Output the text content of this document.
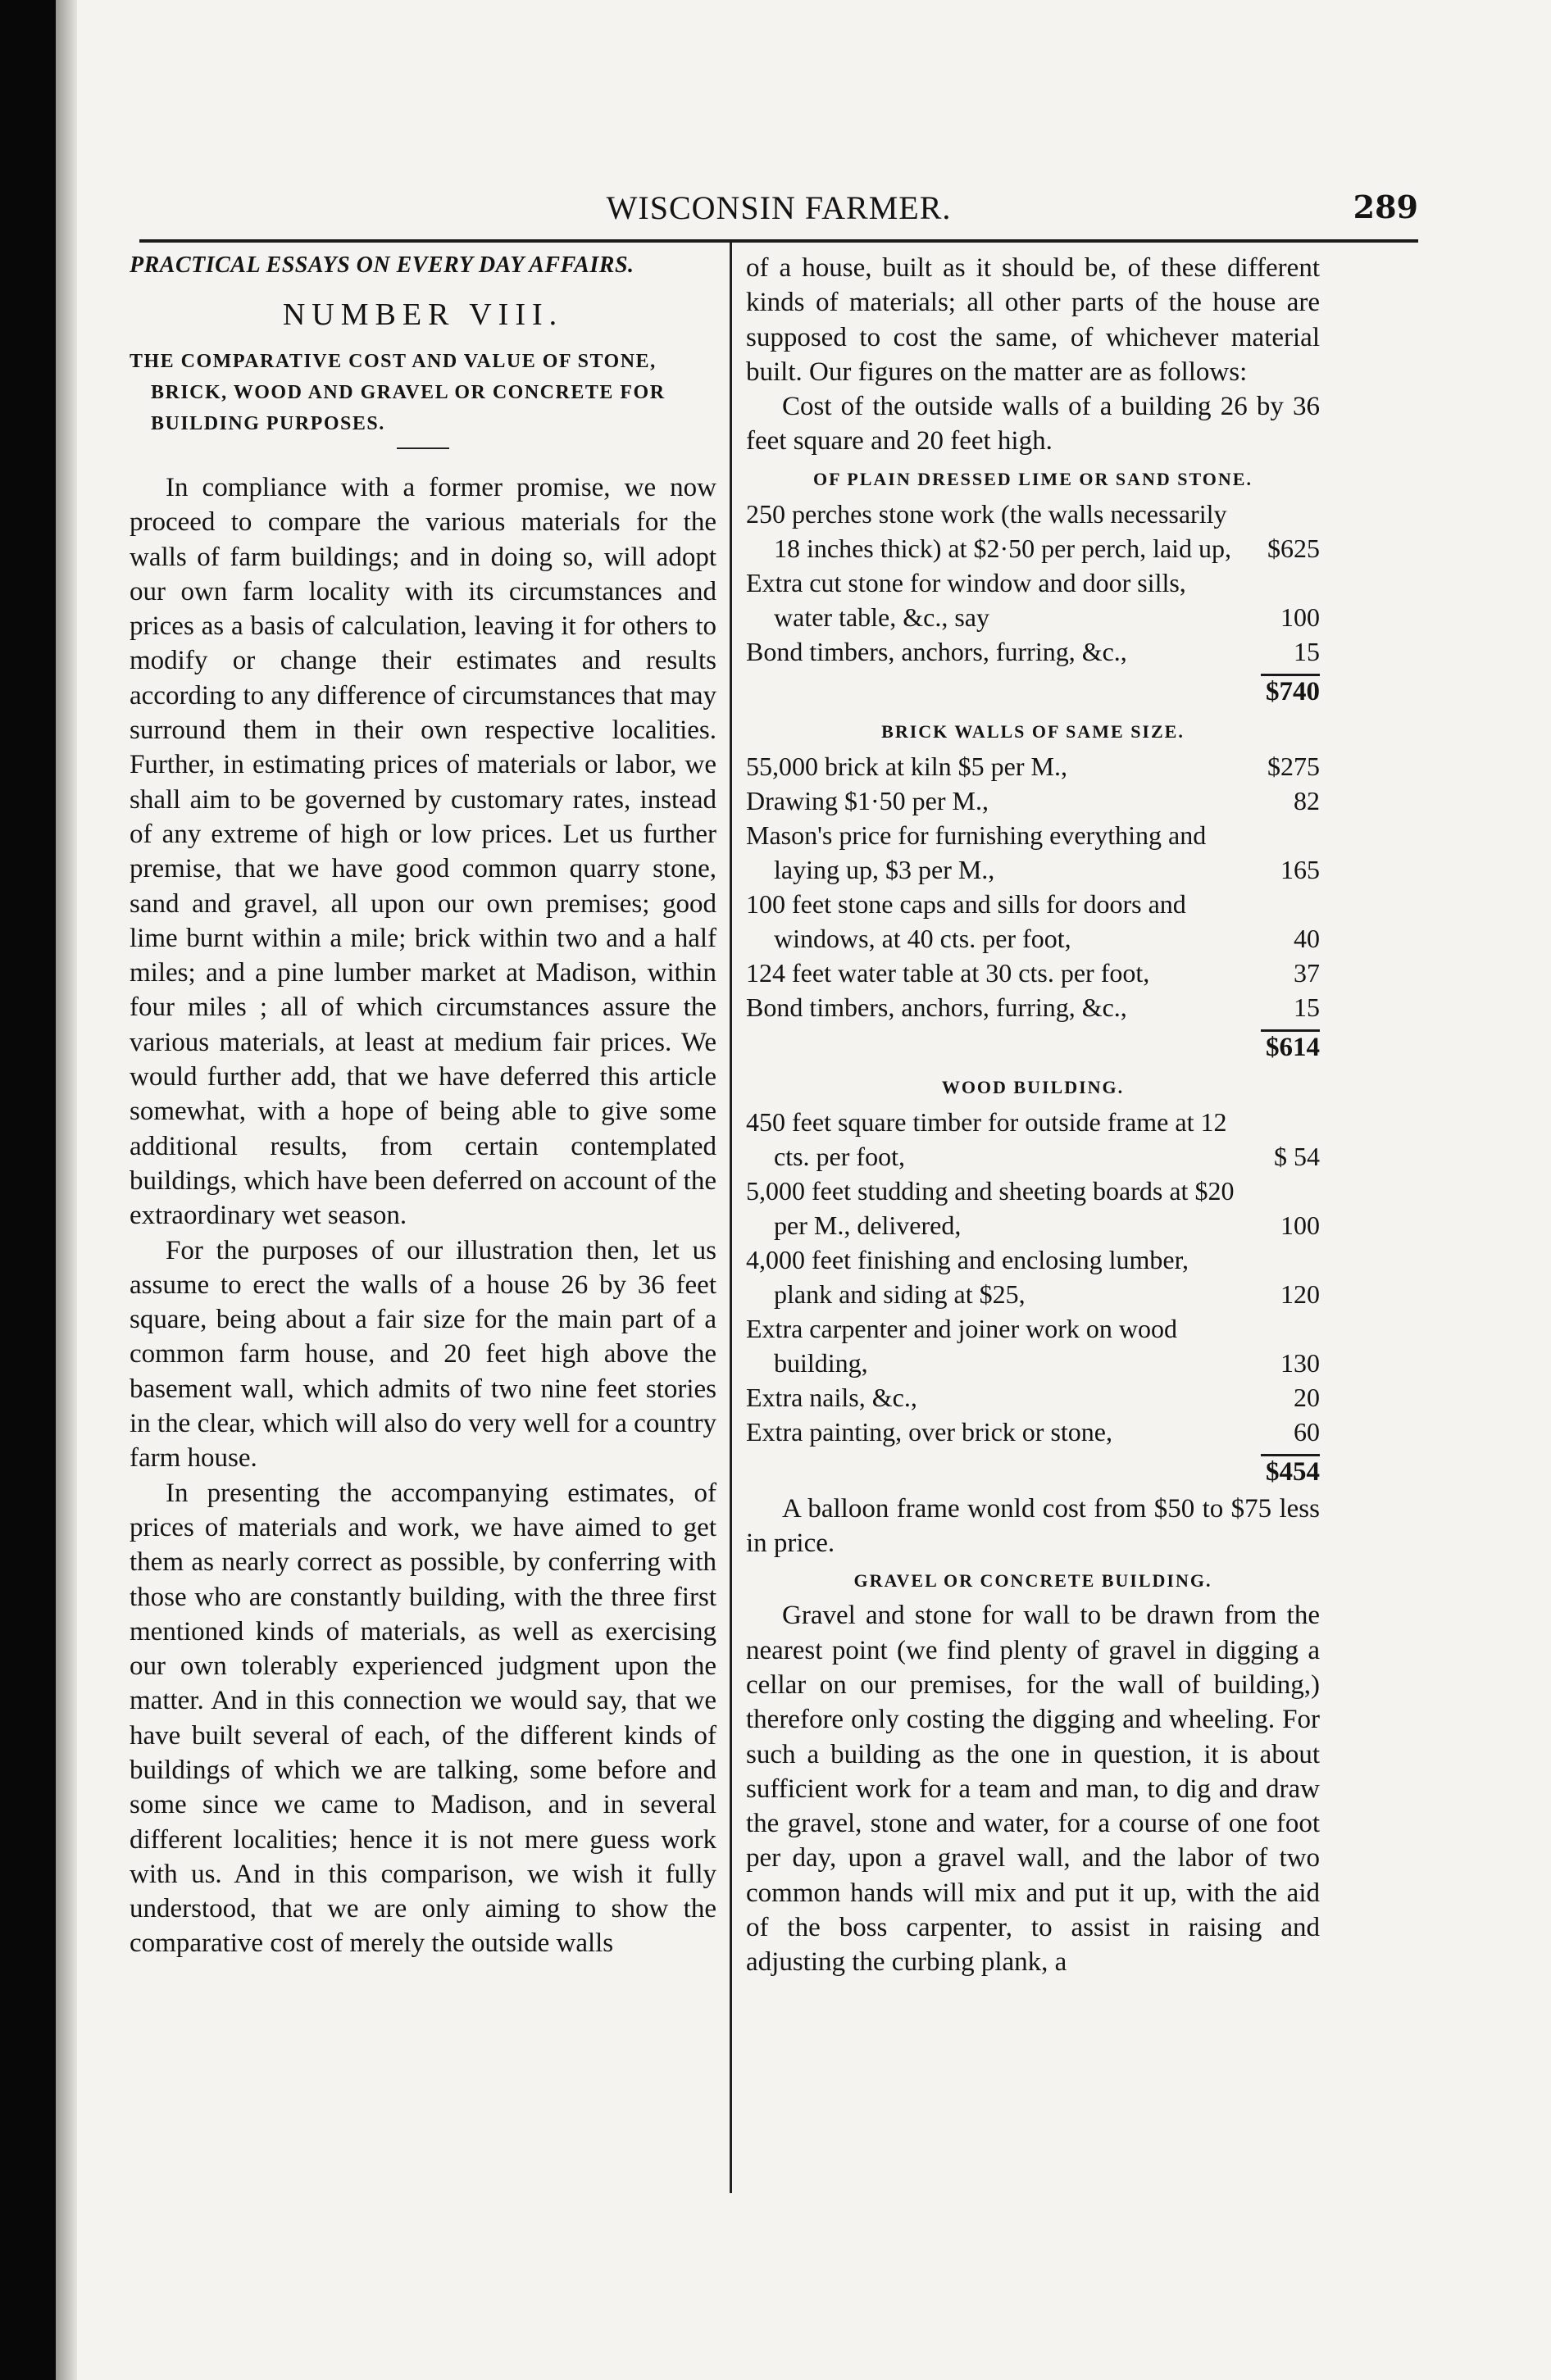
WISCONSIN FARMER.	289

PRACTICAL ESSAYS ON EVERY DAY AFFAIRS.

NUMBER VIII.

THE COMPARATIVE COST AND VALUE OF STONE, BRICK, WOOD AND GRAVEL OR CONCRETE FOR BUILDING PURPOSES.

In compliance with a former promise, we now proceed to compare the various materials for the walls of farm buildings; and in doing so, will adopt our own farm locality with its circumstances and prices as a basis of calculation, leaving it for others to modify or change their estimates and results according to any difference of circumstances that may surround them in their own respective localities. Further, in estimating prices of materials or labor, we shall aim to be governed by customary rates, instead of any extreme of high or low prices. Let us further premise, that we have good common quarry stone, sand and gravel, all upon our own premises; good lime burnt within a mile; brick within two and a half miles; and a pine lumber market at Madison, within four miles ; all of which circumstances assure the various materials, at least at medium fair prices. We would further add, that we have deferred this article somewhat, with a hope of being able to give some additional results, from certain contemplated buildings, which have been deferred on account of the extraordinary wet season.

For the purposes of our illustration then, let us assume to erect the walls of a house 26 by 36 feet square, being about a fair size for the main part of a common farm house, and 20 feet high above the basement wall, which admits of two nine feet stories in the clear, which will also do very well for a country farm house.

In presenting the accompanying estimates, of prices of materials and work, we have aimed to get them as nearly correct as possible, by conferring with those who are constantly building, with the three first mentioned kinds of materials, as well as exercising our own tolerably experienced judgment upon the matter. And in this connection we would say, that we have built several of each, of the different kinds of buildings of which we are talking, some before and some since we came to Madison, and in several different localities; hence it is not mere guess work with us. And in this comparison, we wish it fully understood, that we are only aiming to show the comparative cost of merely the outside walls

of a house, built as it should be, of these different kinds of materials; all other parts of the house are supposed to cost the same, of whichever material built. Our figures on the matter are as follows:

Cost of the outside walls of a building 26 by 36 feet square and 20 feet high.

OF PLAIN DRESSED LIME OR SAND STONE.
250 perches stone work (the walls necessarily 18 inches thick) at $2·50 per perch, laid up,	$625
Extra cut stone for window and door sills, water table, &c., say	100
Bond timbers, anchors, furring, &c.,	15
$740
BRICK WALLS OF SAME SIZE.
55,000 brick at kiln $5 per M.,	$275
Drawing $1·50 per M.,	82
Mason's price for furnishing everything and laying up, $3 per M.,	165
100 feet stone caps and sills for doors and windows, at 40 cts. per foot,	40
124 feet water table at 30 cts. per foot,	37
Bond timbers, anchors, furring, &c.,	15
$614
WOOD BUILDING.
450 feet square timber for outside frame at 12 cts. per foot,	$ 54
5,000 feet studding and sheeting boards at $20 per M., delivered,	100
4,000 feet finishing and enclosing lumber, plank and siding at $25,	120
Extra carpenter and joiner work on wood building,	130
Extra nails, &c.,	20
Extra painting, over brick or stone,	60
$454

A balloon frame wonld cost from $50 to $75 less in price.

GRAVEL OR CONCRETE BUILDING.

Gravel and stone for wall to be drawn from the nearest point (we find plenty of gravel in digging a cellar on our premises, for the wall of building,) therefore only costing the digging and wheeling. For such a building as the one in question, it is about sufficient work for a team and man, to dig and draw the gravel, stone and water, for a course of one foot per day, upon a gravel wall, and the labor of two common hands will mix and put it up, with the aid of the boss carpenter, to assist in raising and adjusting the curbing plank, a
